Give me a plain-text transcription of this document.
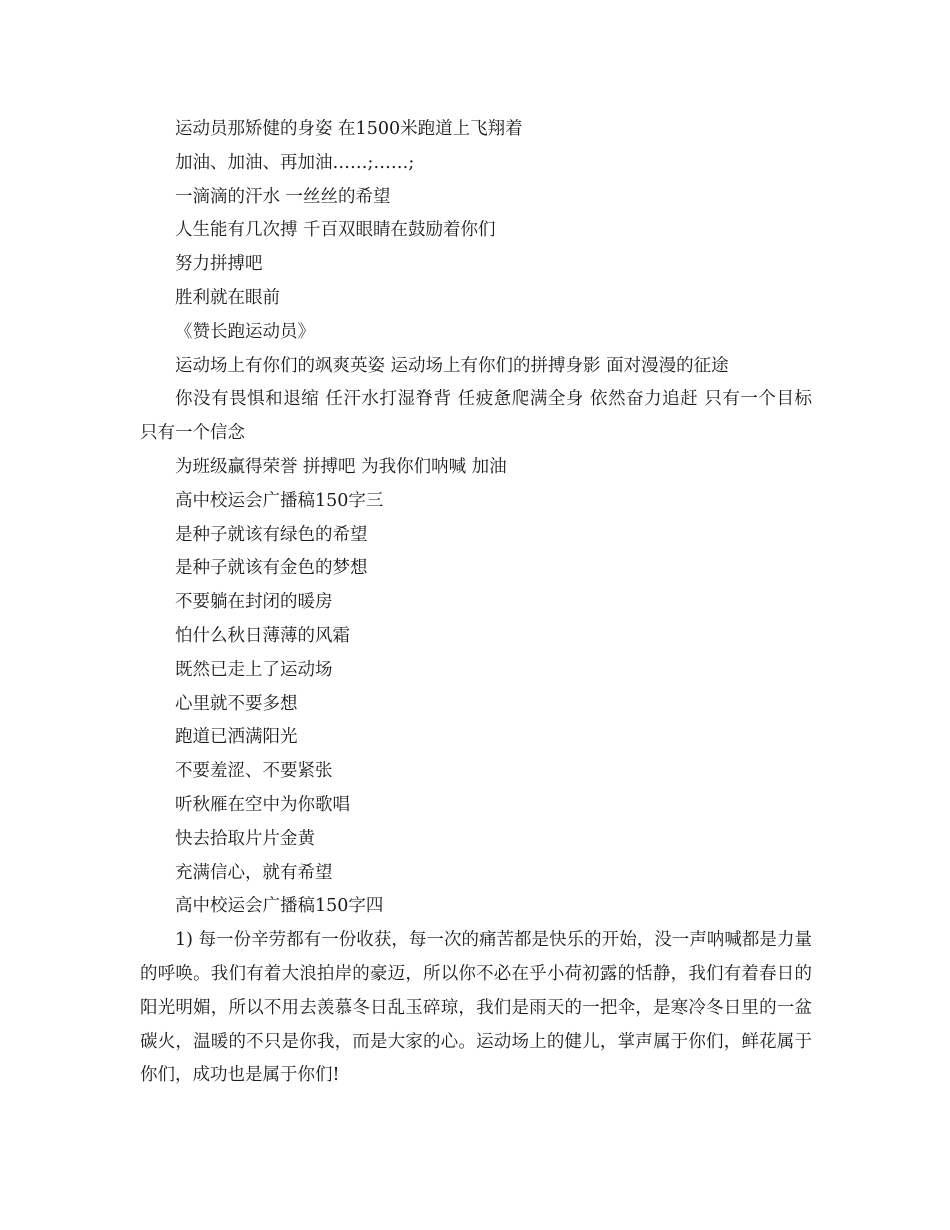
运动员那矫健的身姿 在1500米跑道上飞翔着

加油、加油、再加油……;……;

一滴滴的汗水 一丝丝的希望

人生能有几次搏 千百双眼睛在鼓励着你们

努力拼搏吧

胜利就在眼前

《赞长跑运动员》

运动场上有你们的飒爽英姿 运动场上有你们的拼搏身影 面对漫漫的征途

你没有畏惧和退缩 任汗水打湿脊背 任疲惫爬满全身 依然奋力追赶 只有一个目标 只有一个信念

为班级赢得荣誉 拼搏吧 为我你们呐喊 加油

高中校运会广播稿150字三

是种子就该有绿色的希望

是种子就该有金色的梦想

不要躺在封闭的暖房

怕什么秋日薄薄的风霜

既然已走上了运动场

心里就不要多想

跑道已洒满阳光

不要羞涩、不要紧张

听秋雁在空中为你歌唱

快去拾取片片金黄

充满信心，就有希望

高中校运会广播稿150字四

1) 每一份辛劳都有一份收获，每一次的痛苦都是快乐的开始，没一声呐喊都是力量的呼唤。我们有着大浪拍岸的豪迈，所以你不必在乎小荷初露的恬静，我们有着春日的阳光明媚，所以不用去羡慕冬日乱玉碎琼，我们是雨天的一把伞，是寒冷冬日里的一盆碳火，温暖的不只是你我，而是大家的心。运动场上的健儿，掌声属于你们，鲜花属于你们，成功也是属于你们!
